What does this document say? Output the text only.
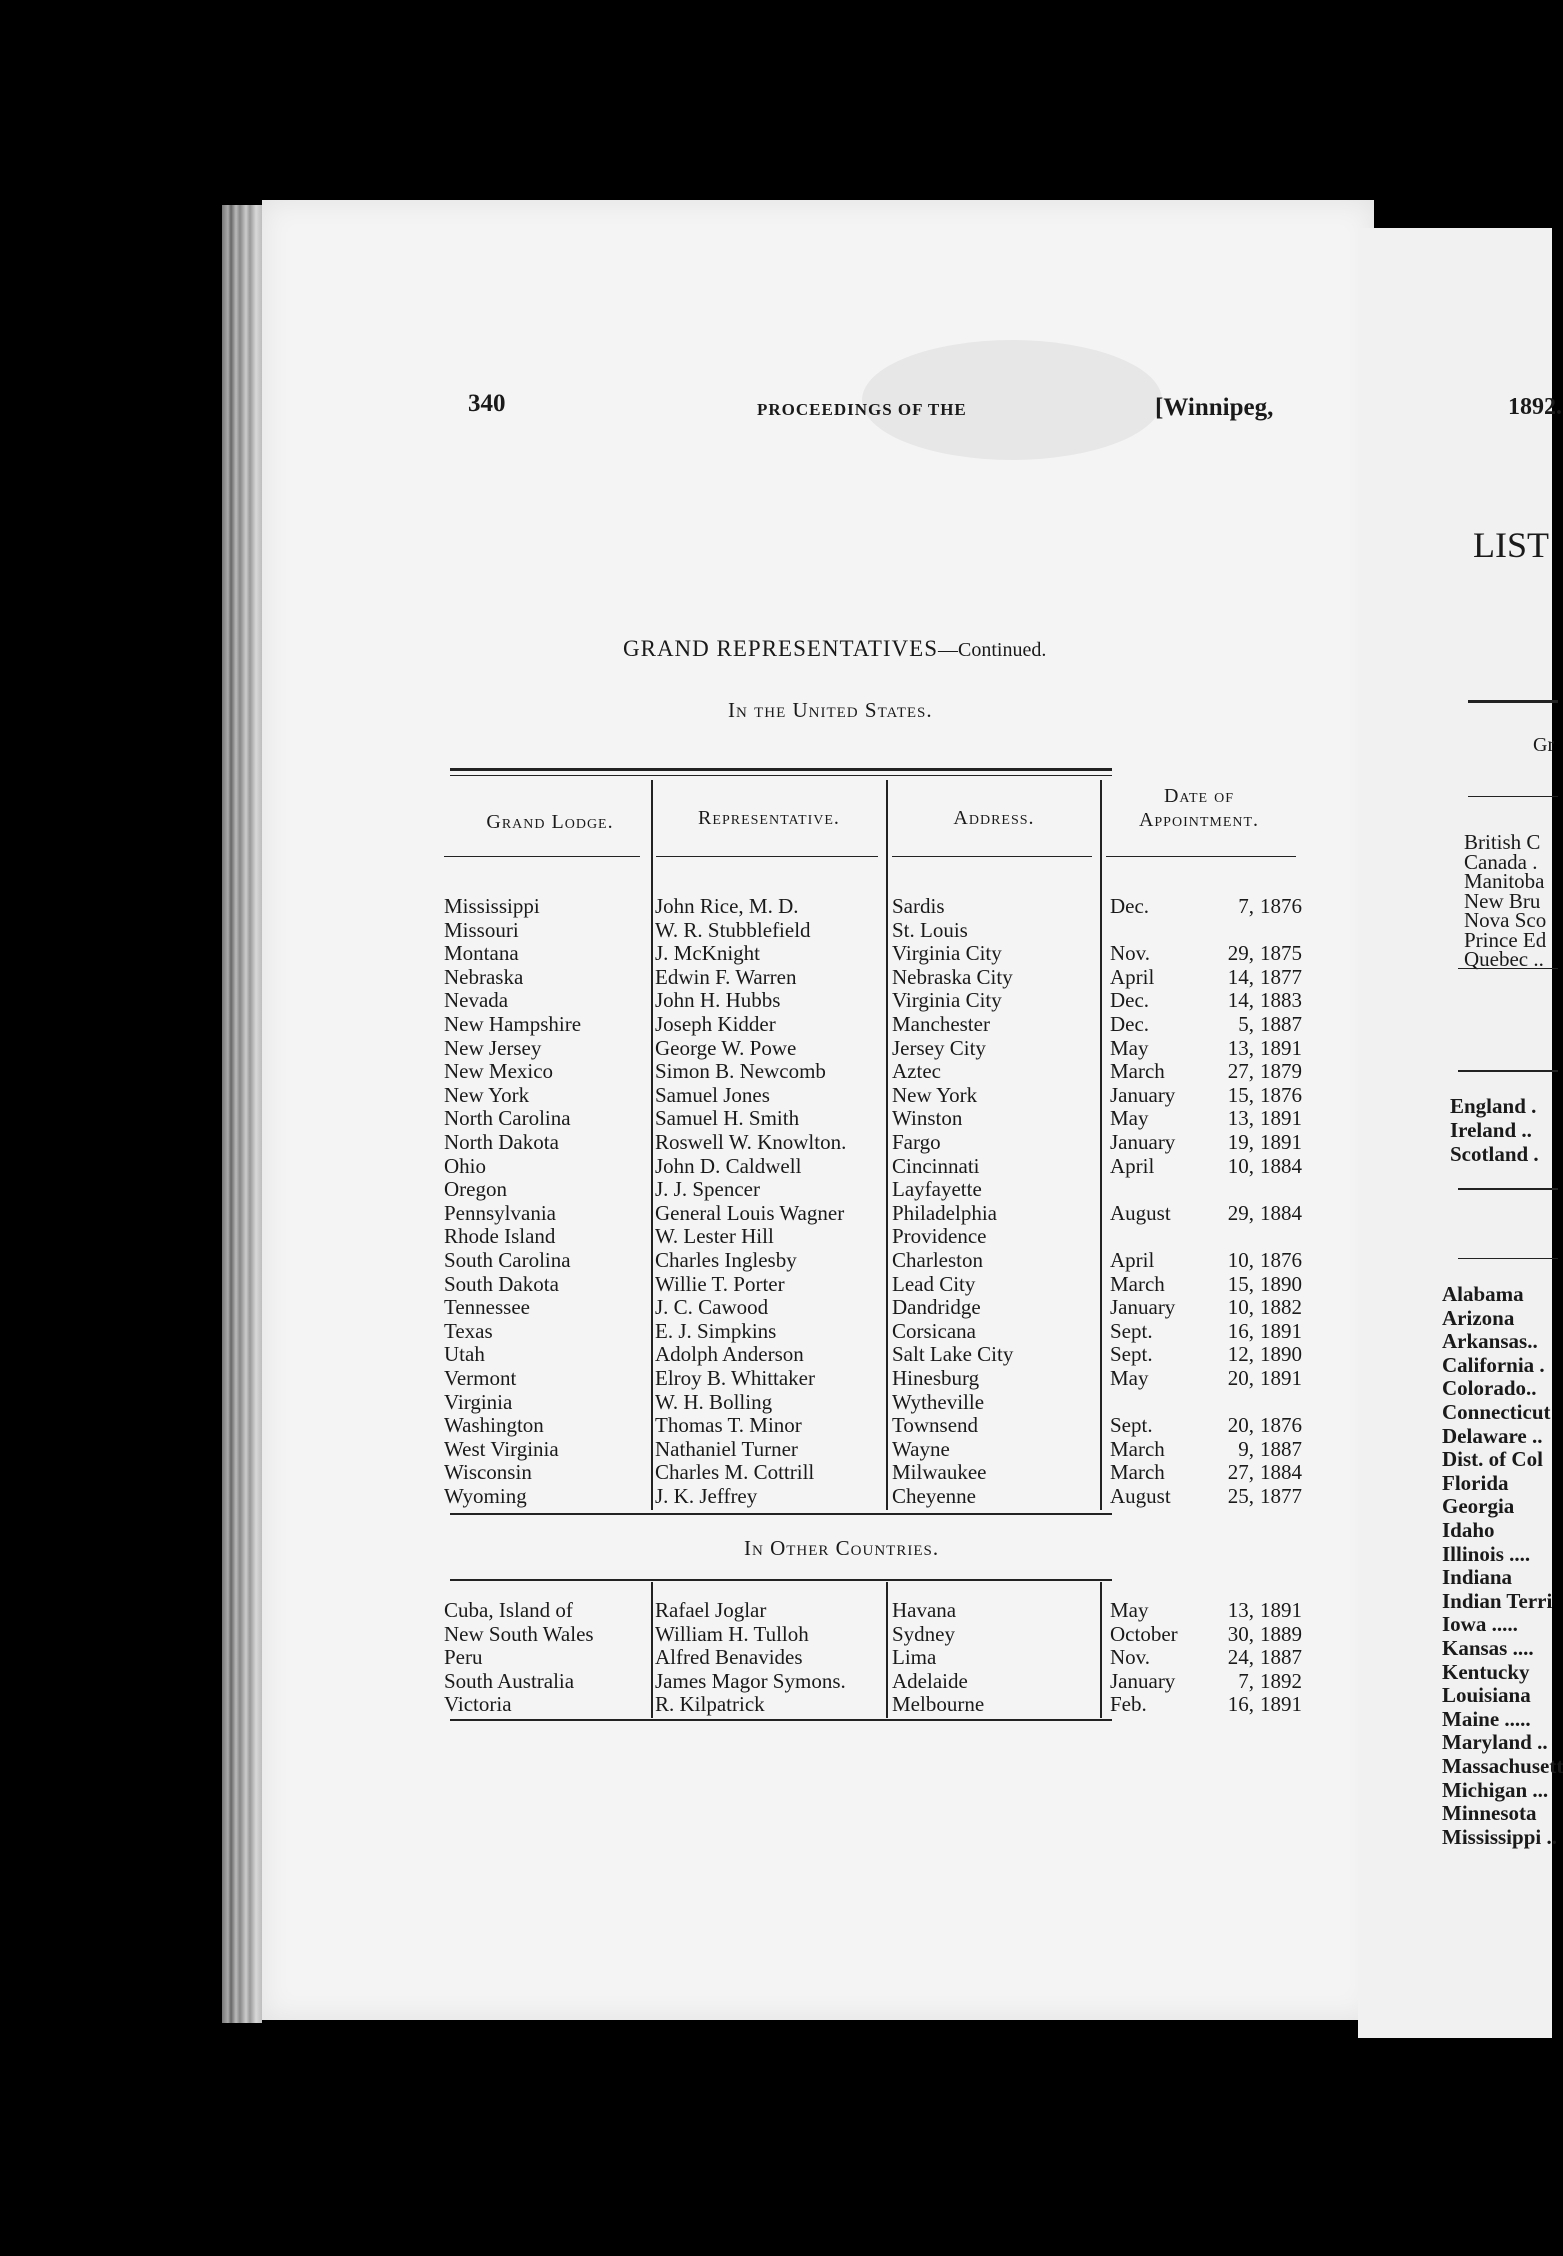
340	PROCEEDINGS OF THE	[Winnipeg,
GRAND REPRESENTATIVES—Continued.
In the United States.
Grand Lodge.	Representative.	Address.
Date of
Appointment.
Mississippi	John Rice, M. D.	Sardis	Dec.	7, 1876
Missouri	W. R. Stubblefield	St. Louis
Montana	J. McKnight	Virginia City	Nov.	29, 1875
Nebraska	Edwin F. Warren	Nebraska City	April	14, 1877
Nevada	John H. Hubbs	Virginia City	Dec.	14, 1883
New Hampshire	Joseph Kidder	Manchester	Dec.	5, 1887
New Jersey	George W. Powe	Jersey City	May	13, 1891
New Mexico	Simon B. Newcomb	Aztec	March	27, 1879
New York	Samuel Jones	New York	January	15, 1876
North Carolina	Samuel H. Smith	Winston	May	13, 1891
North Dakota	Roswell W. Knowlton.	Fargo	January	19, 1891
Ohio	John D. Caldwell	Cincinnati	April	10, 1884
Oregon	J. J. Spencer	Layfayette
Pennsylvania	General Louis Wagner	Philadelphia	August	29, 1884
Rhode Island	W. Lester Hill	Providence
South Carolina	Charles Inglesby	Charleston	April	10, 1876
South Dakota	Willie T. Porter	Lead City	March	15, 1890
Tennessee	J. C. Cawood	Dandridge	January	10, 1882
Texas	E. J. Simpkins	Corsicana	Sept.	16, 1891
Utah	Adolph Anderson	Salt Lake City	Sept.	12, 1890
Vermont	Elroy B. Whittaker	Hinesburg	May	20, 1891
Virginia	W. H. Bolling	Wytheville
Washington	Thomas T. Minor	Townsend	Sept.	20, 1876
West Virginia	Nathaniel Turner	Wayne	March	9, 1887
Wisconsin	Charles M. Cottrill	Milwaukee	March	27, 1884
Wyoming	J. K. Jeffrey	Cheyenne	August	25, 1877
In Other Countries.
Cuba, Island of	Rafael Joglar	Havana	May	13, 1891
New South Wales	William H. Tulloh	Sydney	October	30, 1889
Peru	Alfred Benavides	Lima	Nov.	24, 1887
South Australia	James Magor Symons.	Adelaide	January	7, 1892
Victoria	R. Kilpatrick	Melbourne	Feb.	16, 1891
1892.
LIST
Gr
British C
Canada .
Manitoba
New Bru
Nova Sco
Prince Ed
Quebec ..
England .
Ireland ..
Scotland .
Alabama
Arizona
Arkansas..
California .
Colorado..
Connecticut
Delaware ..
Dist. of Col
Florida
Georgia
Idaho
Illinois ....
Indiana
Indian Terri
Iowa .....
Kansas ....
Kentucky
Louisiana
Maine .....
Maryland ..
Massachusett
Michigan ...
Minnesota
Mississippi ..
